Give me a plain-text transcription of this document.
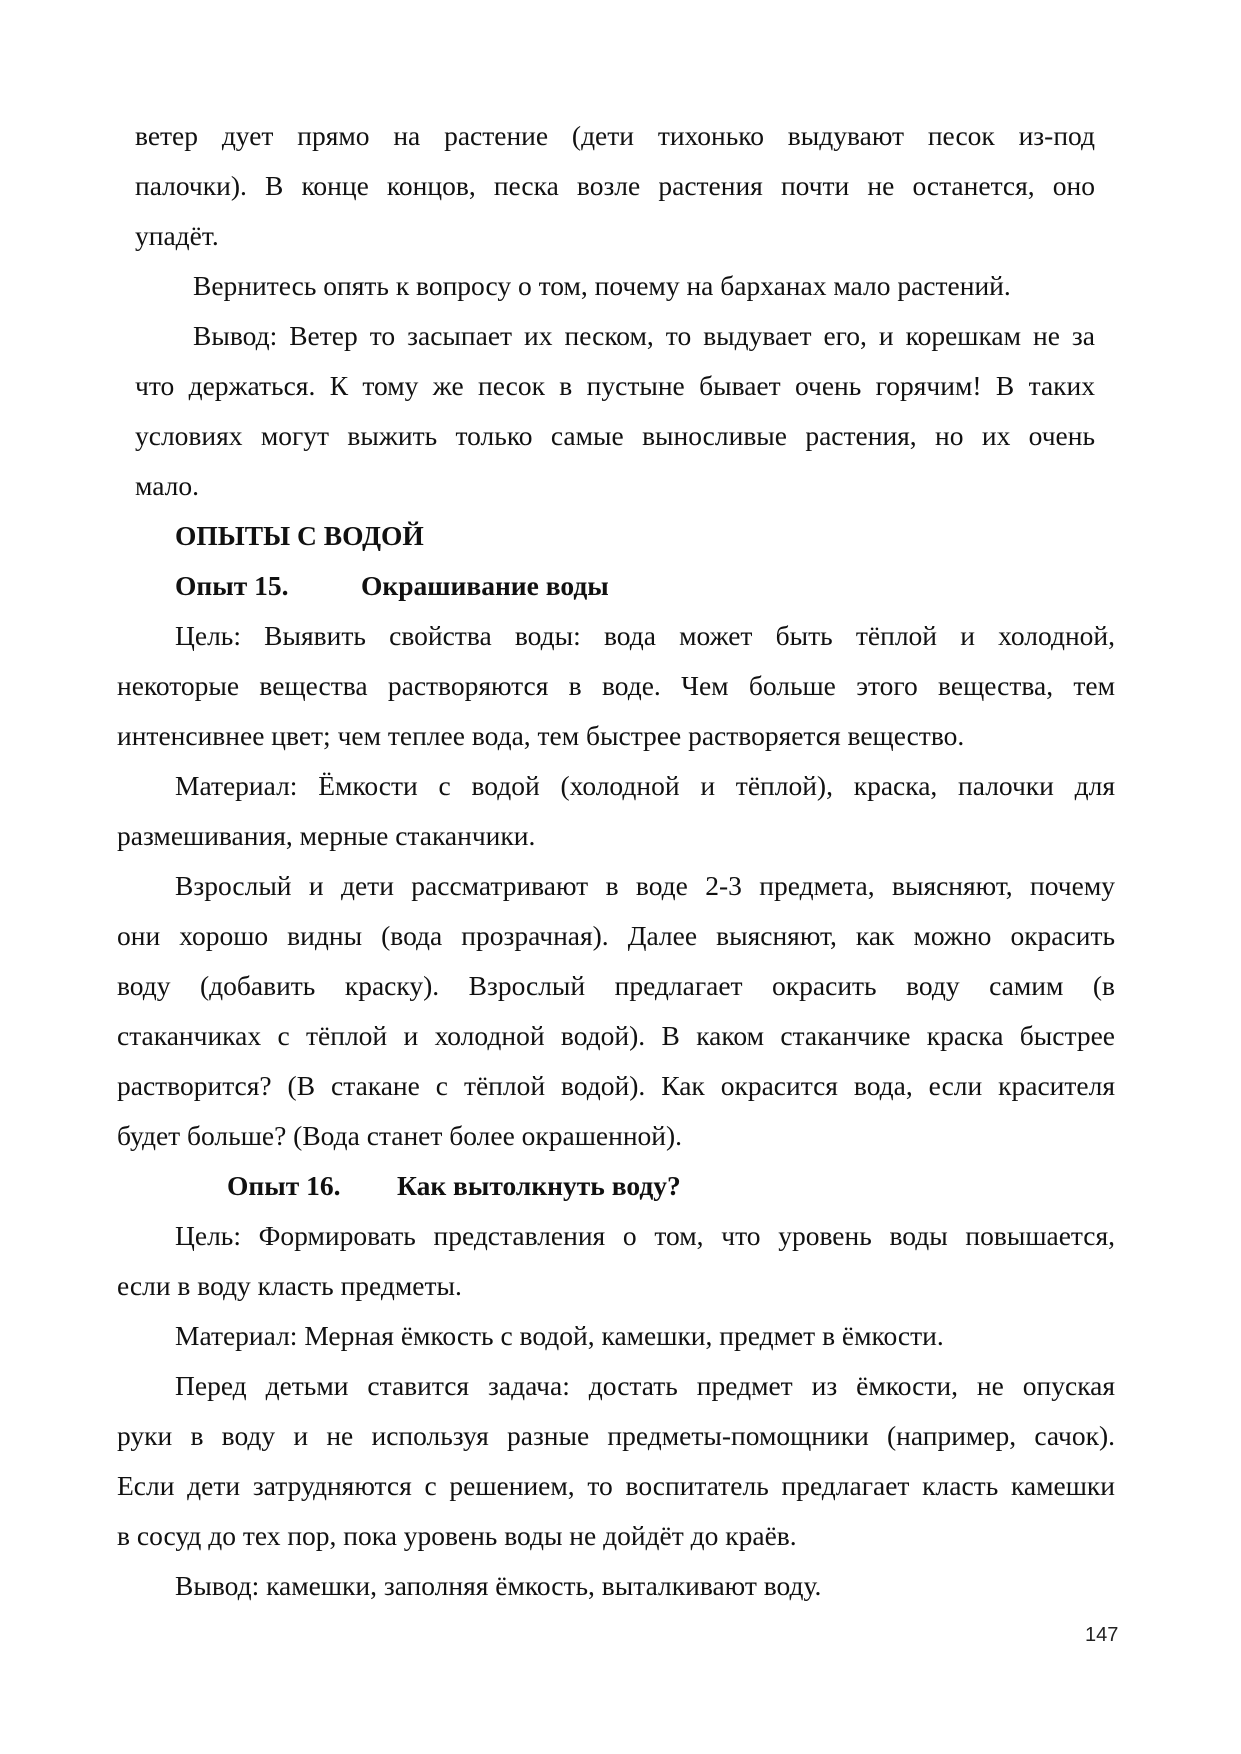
ветер дует прямо на растение (дети тихонько выдувают песок из-под
палочки). В конце концов, песка возле растения почти не останется, оно
упадёт.
Вернитесь опять к вопросу о том, почему на барханах мало растений.
Вывод: Ветер то засыпает их песком, то выдувает его, и корешкам не за
что держаться. К тому же песок в пустыне бывает очень горячим! В таких
условиях могут выжить только самые выносливые растения, но их очень
мало.
ОПЫТЫ С ВОДОЙ
Опыт 15.	Окрашивание воды
Цель: Выявить свойства воды: вода может быть тёплой и холодной,
некоторые вещества растворяются в воде. Чем больше этого вещества, тем
интенсивнее цвет; чем теплее вода, тем быстрее растворяется вещество.
Материал: Ёмкости с водой (холодной и тёплой), краска, палочки для
размешивания, мерные стаканчики.
Взрослый и дети рассматривают в воде 2-3 предмета, выясняют, почему
они хорошо видны (вода прозрачная). Далее выясняют, как можно окрасить
воду (добавить краску). Взрослый предлагает окрасить воду самим (в
стаканчиках с тёплой и холодной водой). В каком стаканчике краска быстрее
растворится? (В стакане с тёплой водой). Как окрасится вода, если красителя
будет больше? (Вода станет более окрашенной).
Опыт 16. Как вытолкнуть воду?
Цель: Формировать представления о том, что уровень воды повышается,
если в воду класть предметы.
Материал: Мерная ёмкость с водой, камешки, предмет в ёмкости.
Перед детьми ставится задача: достать предмет из ёмкости, не опуская
руки в воду и не используя разные предметы-помощники (например, сачок).
Если дети затрудняются с решением, то воспитатель предлагает класть камешки
в сосуд до тех пор, пока уровень воды не дойдёт до краёв.
Вывод: камешки, заполняя ёмкость, выталкивают воду.
147
